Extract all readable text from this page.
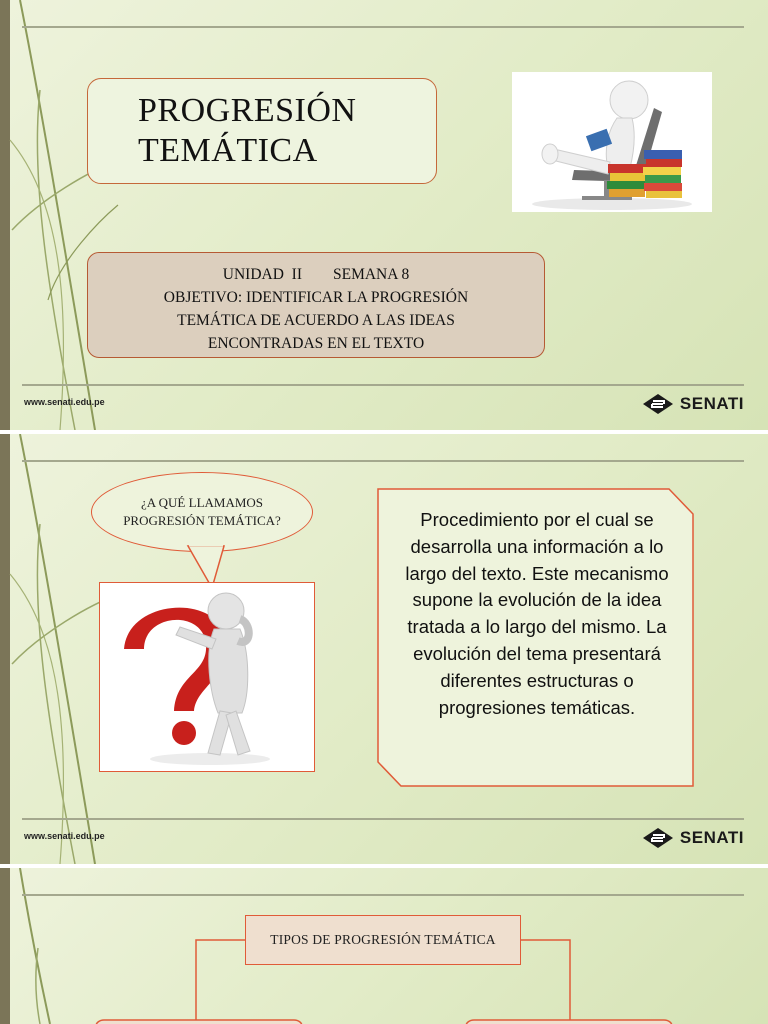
PROGRESIÓN
TEMÁTICA
UNIDAD  II        SEMANA 8
OBJETIVO: IDENTIFICAR LA PROGRESIÓN
TEMÁTICA DE ACUERDO A LAS IDEAS
ENCONTRADAS EN EL TEXTO
www.senati.edu.pe	SENATI
¿A QUÉ LLAMAMOS
PROGRESIÓN TEMÁTICA?	Procedimiento por el cual se desarrolla una información a lo largo del texto. Este mecanismo supone la evolución de la idea tratada a lo largo del mismo. La evolución del tema presentará diferentes estructuras o progresiones temáticas.
www.senati.edu.pe	SENATI
TIPOS DE PROGRESIÓN TEMÁTICA
